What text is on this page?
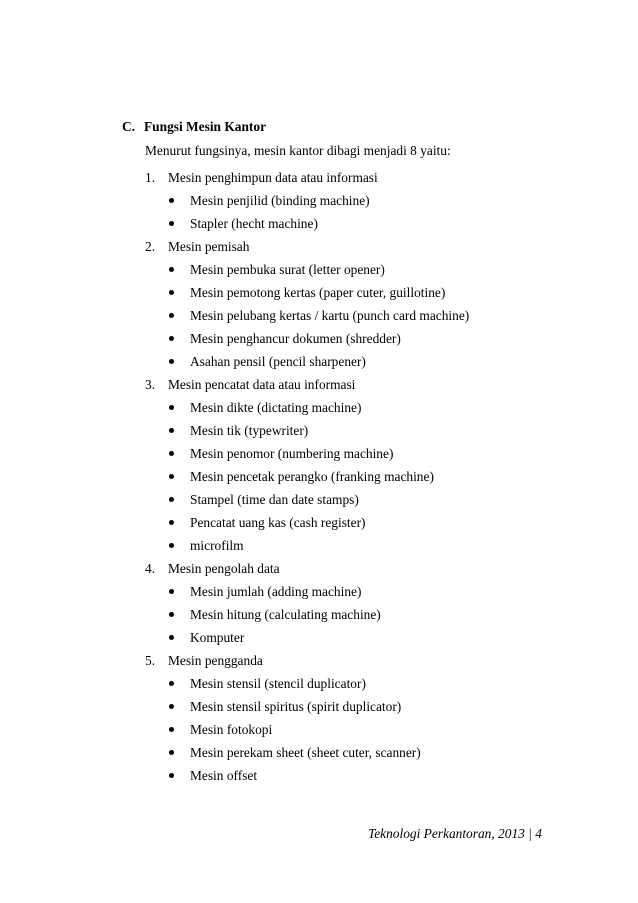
C. Fungsi Mesin Kantor
Menurut fungsinya, mesin kantor dibagi menjadi 8 yaitu:
1. Mesin penghimpun data atau informasi
Mesin penjilid (binding machine)
Stapler (hecht machine)
2. Mesin pemisah
Mesin pembuka surat (letter opener)
Mesin pemotong kertas (paper cuter, guillotine)
Mesin pelubang kertas / kartu (punch card machine)
Mesin penghancur dokumen (shredder)
Asahan pensil (pencil sharpener)
3. Mesin pencatat data atau informasi
Mesin dikte (dictating machine)
Mesin tik (typewriter)
Mesin penomor (numbering machine)
Mesin pencetak perangko (franking machine)
Stampel (time dan date stamps)
Pencatat uang kas (cash register)
microfilm
4. Mesin pengolah data
Mesin jumlah (adding machine)
Mesin hitung (calculating machine)
Komputer
5. Mesin pengganda
Mesin stensil (stencil duplicator)
Mesin stensil spiritus (spirit duplicator)
Mesin fotokopi
Mesin perekam sheet (sheet cuter, scanner)
Mesin offset
Teknologi Perkantoran, 2013 | 4
